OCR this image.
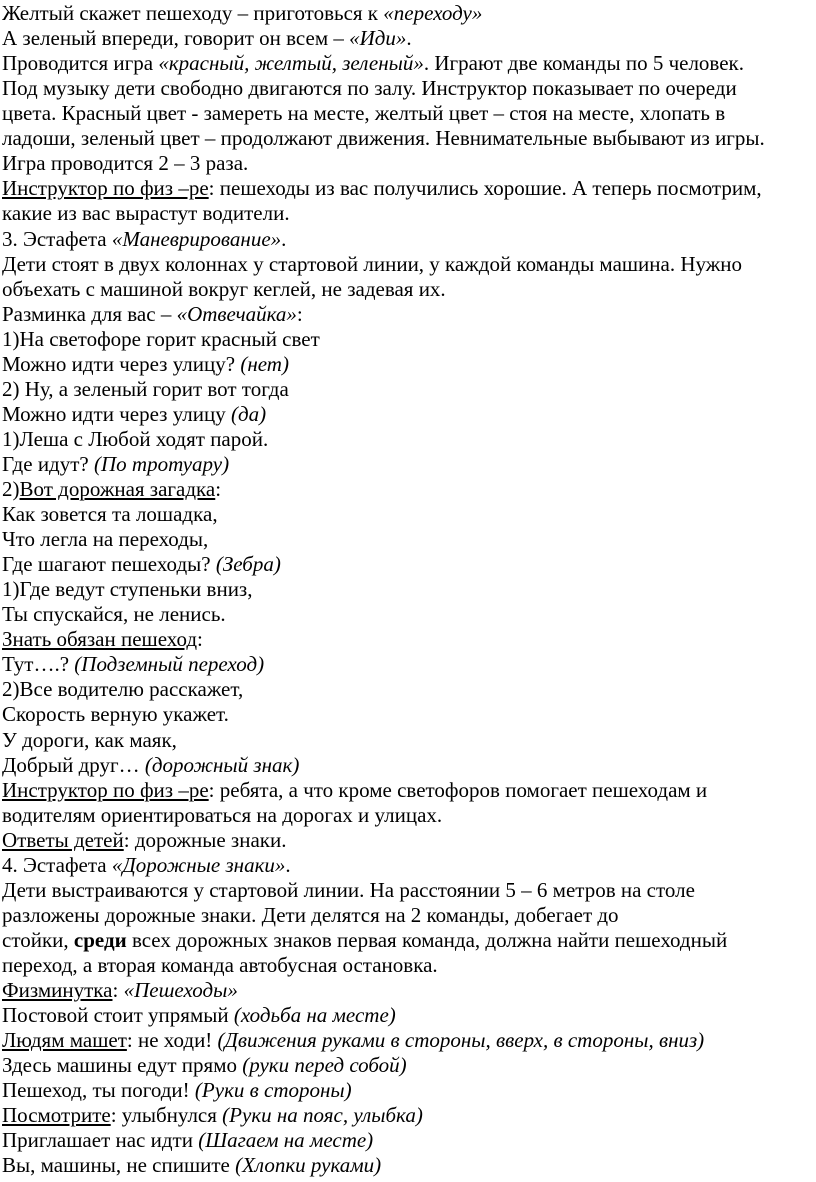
Желтый скажет пешеходу – приготовься к «переходу»
А зеленый впереди, говорит он всем – «Иди».
Проводится игра «красный, желтый, зеленый». Играют две команды по 5 человек.
Под музыку дети свободно двигаются по залу. Инструктор показывает по очереди
цвета. Красный цвет - замереть на месте, желтый цвет – стоя на месте, хлопать в
ладоши, зеленый цвет – продолжают движения. Невнимательные выбывают из игры.
Игра проводится 2 – 3 раза.
Инструктор по физ –ре: пешеходы из вас получились хорошие. А теперь посмотрим,
какие из вас вырастут водители.
3. Эстафета «Маневрирование».
Дети стоят в двух колоннах у стартовой линии, у каждой команды машина. Нужно
объехать с машиной вокруг кеглей, не задевая их.
Разминка для вас – «Отвечайка»:
1)На светофоре горит красный свет
Можно идти через улицу? (нет)
2) Ну, а зеленый горит вот тогда
Можно идти через улицу (да)
1)Леша с Любой ходят парой.
Где идут? (По тротуару)
2)Вот дорожная загадка:
Как зовется та лошадка,
Что легла на переходы,
Где шагают пешеходы? (Зебра)
1)Где ведут ступеньки вниз,
Ты спускайся, не ленись.
Знать обязан пешеход:
Тут….? (Подземный переход)
2)Все водителю расскажет,
Скорость верную укажет.
У дороги, как маяк,
Добрый друг… (дорожный знак)
Инструктор по физ –ре: ребята, а что кроме светофоров помогает пешеходам и
водителям ориентироваться на дорогах и улицах.
Ответы детей: дорожные знаки.
4. Эстафета «Дорожные знаки».
Дети выстраиваются у стартовой линии. На расстоянии 5 – 6 метров на столе
разложены дорожные знаки. Дети делятся на 2 команды, добегает до
стойки, среди всех дорожных знаков первая команда, должна найти пешеходный
переход, а вторая команда автобусная остановка.
Физминутка: «Пешеходы»
Постовой стоит упрямый (ходьба на месте)
Людям машет: не ходи! (Движения руками в стороны, вверх, в стороны, вниз)
Здесь машины едут прямо (руки перед собой)
Пешеход, ты погоди! (Руки в стороны)
Посмотрите: улыбнулся (Руки на пояс, улыбка)
Приглашает нас идти (Шагаем на месте)
Вы, машины, не спишите (Хлопки руками)
